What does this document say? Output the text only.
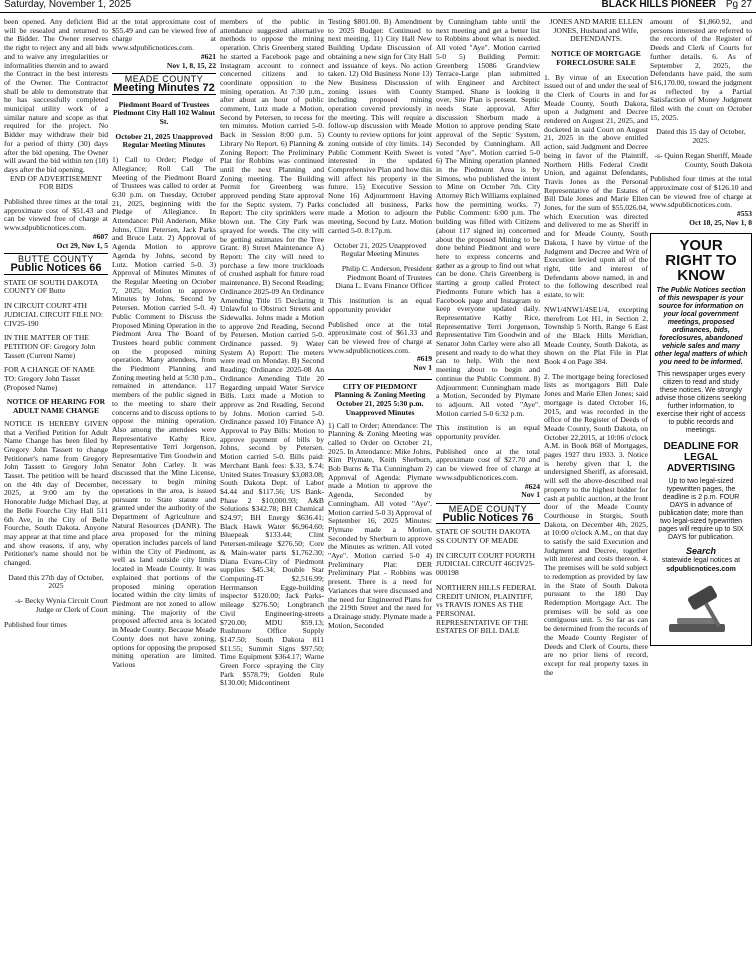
Saturday, November 1, 2025	BLACK HILLS PIONEER Pg 27

been opened. Any deficient Bid will be resealed and returned to the Bidder. The Owner reserves the right to reject any and all bids and to waive any irregularities or informalities therein and to award the Contract in the best interests of the Owner. The Contractor shall be able to demonstrate that he has successfully completed municipal utility work of a similar nature and scope as that required for the project. No Bidder may withdraw their bid for a period of thirty (30) days after the bid opening. The Owner will award the bid within ten (10) days after the bid opening.

END OF ADVERTISEMENT FOR BIDS

Published three times at the total approximate cost of $51.43 and can be viewed free of charge at www.sdpublicnotices.com.

#607

Oct 29, Nov 1, 5

BUTTE COUNTY
Public Notices 66

STATE OF SOUTH DAKOTA COUNTY OF Butte

IN CIRCUIT COURT 4TH JUDICIAL CIRCUIT FILE NO: CIV25-190

IN THE MATTER OF THE PETITION OF: Gregory John Tassett (Current Name)

FOR A CHANGE OF NAME TO: Gregory John Tasset (Proposed Name)

NOTICE OF HEARING FOR ADULT NAME CHANGE

NOTICE IS HEREBY GIVEN that a Verified Petition for Adult Name Change has been filed by Gregory John Tassett to change Petitioner's name from Gregory John Tassett to Gregory John Tasset. The petition will be heard on the 4th day of December, 2025, at 9:00 am by the Honorable Judge Michael Day, at the Belle Fourche City Hall 511 6th Ave, in the City of Belle Fourche, South Dakota. Anyone may appear at that time and place and show reasons, if any, why Petitioner's name should not be changed.

Dated this 27th day of October, 2025

-s- Becky Wynia Circuit Court Judge or Clerk of Court

Published four times

at the total approximate cost of $55.49 and can be viewed free of charge at www.sdpublicnotices.com.

#621

Nov 1, 8, 15, 22

MEADE COUNTY
Meeting Minutes 72

Piedmont Board of Trustees Piedmont City Hall 102 Walnut St.

October 21, 2025 Unapproved Regular Meeting Minutes

1) Call to Order; Pledge of Allegiance; Roll Call The Meeting of the Piedmont Board of Trustees was called to order at 6:30 p.m. on Tuesday, October 21, 2025, beginning with the Pledge of Allegiance. In Attendance: Phil Anderson, Mike Johns, Clint Petersen, Jack Parks and Bruce Lutz. 2) Approval of Agenda Motion to approve Agenda by Johns, second by Lutz. Motion carried 5-0. 3) Approval of Minutes Minutes of the Regular Meeting on October 7, 2025; Motion to approve Minutes by Johns, Second by Petersen. Motion carried 5-0. 4) Public Comment to Discuss the Proposed Mining Operation in the Piedmont Area The Board of Trustees heard public comment on the proposed mining operation. Many attendees, from the Piedmont Planning and Zoning meeting held at 5:30 p.m., remained in attendance. 117 members of the public signed in to the meeting to share their concerns and to discuss options to oppose the mining operation. Also among the attendees were Representative Kathy Rice, Representative Terri Jorgenson, Representative Tim Goodwin and Senator John Carley. It was discussed that the Mine License, necessary to begin mining operations in the area, is issued pursuant to State statute and granted under the authority of the Department of Agriculture and Natural Resources (DANR). The area proposed for the mining operation includes parcels of land within the City of Piedmont, as well as land outside city limits located in Meade County. It was explained that portions of the proposed mining operation located within the city limits of Piedmont are not zoned to allow mining. The majority of the proposed affected area is located in Meade County. Because Meade County does not have zoning, options for opposing the proposed mining operation are limited. Various

members of the public in attendance suggested alternative methods to oppose the mining operation. Chris Greenberg stated he started a Facebook page and Instagram account to connect concerned citizens and to coordinate opposition to the mining operation. At 7:30 p.m., after about an hour of public comment, Lutz made a Motion, Second by Petersen, to recess for ten minutes. Motion carried 5-0. Back in Session 8:00 p.m. 5) Library No Report. 6) Planning & Zoning Report: The Preliminary Plat for Robbins was continued until the next Planning and Zoning meeting. The Building Permit for Greenberg was approved pending State approval for the Septic system. 7) Parks Report: The city sprinklers were blown out. The City Park was sprayed for weeds. The city will be getting estimates for the Tree Grant. 8) Street Maintenance A) Report: The city will need to purchase a few more truckloads of crushed asphalt for future road maintenance. B) Second Reading; Ordinance 2025-09 An Ordinance Amending Title 15 Declaring it Unlawful to Obstruct Streets and Sidewalks. Johns made a Motion to approve 2nd Reading, Second by Petersen. Motion carried 5-0. Ordinance passed. 9) Water System A) Report: The meters were read on Monday. B) Second Reading; Ordinance 2025-08 An Ordinance Amending Title 20 Regarding unpaid Water Service Bills. Lutz made a Motion to approve as 2nd Reading, Second by Johns. Motion carried 5-0. Ordinance passed 10) Finance A) Approval to Pay Bills: Motion to approve payment of bills by Johns, second by Petersen. Motion carried 5-0. Bills paid: Merchant Bank fees: $.33, $.74; United States Treasury $3,083.08; South Dakota Dept. of Labor $4.44 and $117.56; US Bank-Phase 2 $10,000.93; A&B Solutions $342.78; BH Chemical $24.97; BH Energy $636.41; Black Hawk Water $6,964.60; Bluepeak $133.44; Clint Petersen-mileage $276.50; Core & Main-water parts $1,762.30; Diana Evans-City of Piedmont supplies $45.34; Double Star Computing-IT $2,516.99; Herrmanson Egge-building inspector $120.00; Jack Parks-mileage $276.50; Longbranch Civil Engineering-streets $720.00; MDU $59.13; Rushmore Office Supply $147.50; South Dakota 811 $11.55; Summit Signs $97.50; Time Equipment $364.17; Warne Green Force -spraying the City Park $578.79; Golden Rule $130.00; Midcontinent

Testing $801.00. B) Amendment to 2025 Budget: Continued to next meeting. 11) City Hall New Building Update Discussion of obtaining a new sign for City Hall and issuance of keys. No action taken. 12) Old Business None 13) New Business Discussion of zoning issues with County including proposed mining operation covered previously in the meeting. This will require a follow-up discussion with Meade County to review options for joint zoning outside of city limits. 14) Public Comment Keith Sweet is interested in the updated Comprehensive Plan and how this will affect his property in the future. 15) Executive Session None 16) Adjournment Having concluded all business, Parks made a Motion to adjourn the meeting, Second by Lutz. Motion carried 5-0. 8:17p.m.

October 21, 2025 Unapproved Regular Meeting Minutes

Philip C. Anderson, President Piedmont Board of Trustees Diana L. Evans Finance Officer

This institution is an equal opportunity provider

Published once at the total approximate cost of $61.33 and can be viewed free of charge at www.sdpublicnotices.com.

#619

Nov 1

CITY OF PIEDMONT Planning & Zoning Meeting October 21, 2025 5:30 p.m. Unapproved Minutes

1) Call to Order; Attendance: The Planning & Zoning Meeting was called to Order on October 21, 2025. In Attendance: Mike Johns, Kim Plymate, Keith Sherburn, Bob Burns & Tia Cunningham 2) Approval of Agenda: Plymate made a Motion to approve the Agenda, Seconded by Cunningham. All voted "Aye". Motion carried 5-0 3) Approval of September 16, 2025 Minutes: Plymate made a Motion, Seconded by Sherburn to approve the Minutes as written. All voted "Aye". Motion carried 5-0 4) Preliminary Plat: DER Preliminary Plat - Robbins was present. There is a need for Variances that were discussed and the need for Engineered Plans for the 219th Street and the need for a Drainage study. Plymate made a Motion, Seconded

by Cunningham table until the next meeting and get a better list to Robbins about what is needed. All voted "Aye". Motion carried 5-0 5) Building Permit: Greenberg 15086 Grandview Terrace-Large plan submitted with Engineer and Architect Stamped. Shane is looking it over, Site Plan is present. Septic needs State approval. After discussion Sherburn made a Motion to approve pending State approval of the Septic System, Seconded by Cunningham. All voted "Aye". Motion carried 5-0 6) The Mining operation planned in the Piedmont Area is by Simons, who published the intent to Mine on October 7th. City Attorney Rich Williams explained how the permitting works. 7) Public Comment: 6:00 p.m. The building was filled with Citizens (about 117 signed in) concerned about the proposed Mining to be done behind Piedmont and were here to express concerns and gather as a group to find out what can be done. Chris Greenberg is starting a group called Protect Piedmonts Future which has a Facebook page and Instagram to keep everyone updated daily. Representative Kathy Rice, Representative Terri Jorgenson, Representative Tim Goodwin and Senator John Carley were also all present and ready to do what they can to help. With the next meeting about to begin and continue the Public Comment. 8) Adjournment: Cunningham made a Motion, Seconded by Plymate to adjourn. All voted "Aye". Motion carried 5-0 6:32 p.m.

This institution is an equal opportunity provider.

Published once at the total approximate cost of $27.70 and can be viewed free of charge at www.sdpublicnotices.com.

#624

Nov 1

MEADE COUNTY
Public Notices 76

STATE OF SOUTH DAKOTA SS COUNTY OF MEADE

IN CIRCUIT COURT FOURTH JUDICIAL CIRCUIT 46CIV25-000198

NORTHERN HILLS FEDERAL CREDIT UNION, PLAINTIFF, vs TRAVIS JONES AS THE PERSONAL REPRESENTATIVE OF THE ESTATES OF BILL DALE

JONES AND MARIE ELLEN JONES, Husband and Wife, DEFENDANTS.

NOTICE OF MORTGAGE FORECLOSURE SALE

1. By virtue of an Execution issued out of and under the seal of the Clerk of Courts in and for Meade County, South Dakota, upon a Judgment and Decree rendered on August 21, 2025, and docketed in said Court on August 21, 2025 in the above entitled action, said Judgment and Decree being in favor of the Plaintiff, Northern Hills Federal Credit Union, and against Defendants, Travis Jones as the Personal Representative of the Estates of Bill Dale Jones and Marie Ellen Jones, for the sum of $55,026.04, which Execution was directed and delivered to me as Sheriff in and for Meade County, South Dakota, I have by virtue of the Judgment and Decree and Writ of Execution levied upon all of the right, title and interest of Defendants above named, in and to the following described real estate, to wit:

NW1/4NW1/4SE1/4, excepting therefrom Lot H1, in Section 2, Township 5 North, Range 6 East of the Black Hills Meridian, Meade County, South Dakota, as shown on the Plat File in Plat Book 4 on Page 384.

2. The mortgage being foreclosed lists as mortgagors Bill Dale Jones and Marie Ellen Jones; said mortgage is dated October 16, 2015, and was recorded in the office of the Register of Deeds of Meade County, South Dakota, on October 22,2015, at 10:06 o'clock A.M. in Book 868 of Mortgages, pages 1927 thru 1933. 3. Notice is hereby given that I, the undersigned Sheriff, as aforesaid, will sell the above-described real property to the highest bidder for cash at public auction, at the front door of the Meade County Courthouse in Sturgis, South Dakota, on December 4th, 2025, at 10:00 o'clock A.M., on that day to satisfy the said Execution and Judgment and Decree, together with interest and costs thereon. 4. The premises will be sold subject to redemption as provided by law in the State of South Dakota pursuant to the 180 Day Redemption Mortgage Act. The premises will be sold as one contiguous unit. 5. So far as can be determined from the records of the Meade County Register of Deeds and Clerk of Courts, there are no prior liens of record, except for real property taxes in the

amount of $1,860.92, and persons interested are referred to the records of the Register of Deeds and Clerk of Courts for further details. 6. As of September 2, 2025, the Defendants have paid, the sum $16,170.00, toward the judgment as reflected by a Partial Satisfaction of Money Judgment filed with the court on October 15, 2025.

Dated this 15 day of October, 2025.

-s- Quinn Regan Sheriff, Meade County, South Dakota

Published four times at the total approximate cost of $126.10 and can be viewed free of charge at www.sdpublicnotices.com.

#553

Oct 18, 25, Nov 1, 8

YOUR RIGHT TO KNOW
The Public Notices section of this newspaper is your source for information on your local government meetings, proposed ordinances, bids, foreclosures, abandoned vehicle sales and many other legal matters of which you need to be informed.
This newspaper urges every citizen to read and study these notices. We strongly advise those citizens seeking further information, to exercise their right of access to public records and meetings.
DEADLINE FOR LEGAL ADVERTISING
Up to two legal-sized typewritten pages, the deadline is 2 p.m. FOUR DAYS in advance of publication date; more than two legal-sized typewritten pages will require up to SIX DAYS for publication.
Search
statewide legal notices at
sdpublicnotices.com
